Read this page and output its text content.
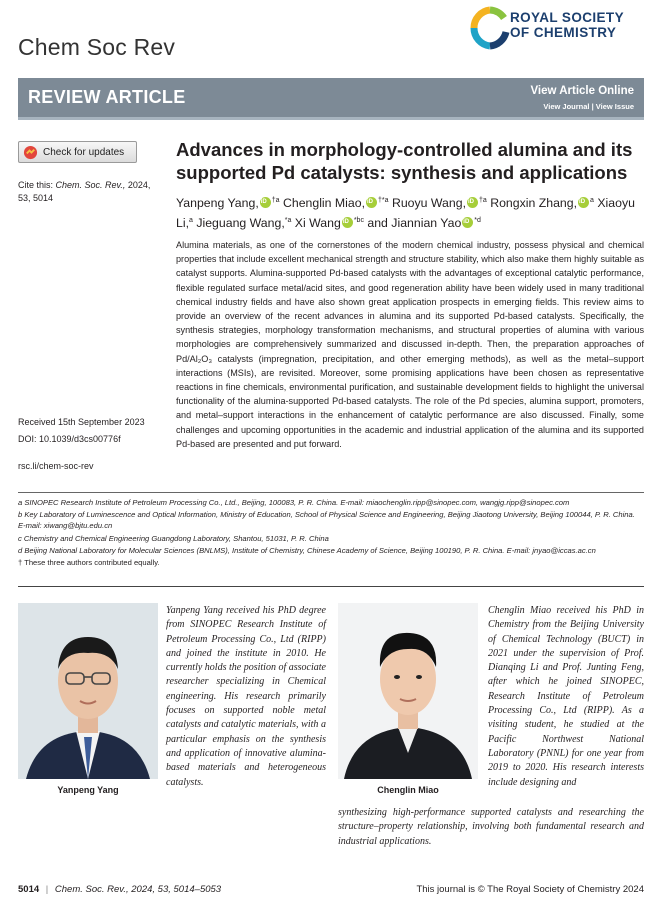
Chem Soc Rev
ROYAL SOCIETY
OF CHEMISTRY
REVIEW ARTICLE	View Article Online
View Journal | View Issue
Check for updates
Cite this: Chem. Soc. Rev., 2024, 53, 5014
Received 15th September 2023
DOI: 10.1039/d3cs00776f
rsc.li/chem-soc-rev
Advances in morphology-controlled alumina and its supported Pd catalysts: synthesis and applications
Yanpeng Yang, iD $^{\dagger a}$ Chenglin Miao, iD $^{\dagger*a}$ Ruoyu Wang, iD $^{\dagger a}$ Rongxin Zhang, iD $^a$ Xiaoyu Li,$^a$ Jieguang Wang,$^{*a}$ Xi Wang iD $^{*bc}$ and Jiannian Yao iD $^{*d}$
Alumina materials, as one of the cornerstones of the modern chemical industry, possess physical and chemical properties that include excellent mechanical strength and structure stability, which also make them highly suitable as catalyst supports. Alumina-supported Pd-based catalysts with the advantages of exceptional catalytic performance, flexible regulated surface metal/acid sites, and good regeneration ability have been widely used in many traditional chemical industry fields and have also shown great application prospects in emerging fields. This review aims to provide an overview of the recent advances in alumina and its supported Pd-based catalysts. Specifically, the synthesis strategies, morphology transformation mechanisms, and structural properties of alumina with various morphologies are comprehensively summarized and discussed in-depth. Then, the preparation approaches of Pd/Al₂O₃ catalysts (impregnation, precipitation, and other emerging methods), as well as the metal–support interactions (MSIs), are revisited. Moreover, some promising applications have been chosen as representative reactions in fine chemicals, environmental purification, and sustainable development fields to highlight the universal functionality of the alumina-supported Pd-based catalysts. The role of the Pd species, alumina support, promoters, and metal–support interactions in the enhancement of catalytic performance are also discussed. Finally, some challenges and upcoming opportunities in the academic and industrial application of the alumina and its supported Pd-based are presented and put forward.
a SINOPEC Research Institute of Petroleum Processing Co., Ltd., Beijing, 100083, P. R. China. E-mail: miaochenglin.ripp@sinopec.com, wangjg.ripp@sinopec.com
b Key Laboratory of Luminescence and Optical Information, Ministry of Education, School of Physical Science and Engineering, Beijing Jiaotong University, Beijing 100044, P. R. China. E-mail: xiwang@bjtu.edu.cn
c Chemistry and Chemical Engineering Guangdong Laboratory, Shantou, 51031, P. R. China
d Beijing National Laboratory for Molecular Sciences (BNLMS), Institute of Chemistry, Chinese Academy of Science, Beijing 100190, P. R. China. E-mail: jnyao@iccas.ac.cn
† These three authors contributed equally.
Yanpeng Yang
Yanpeng Yang received his PhD degree from SINOPEC Research Institute of Petroleum Processing Co., Ltd (RIPP) and joined the institute in 2010. He currently holds the position of associate researcher specializing in Chemical engineering. His research primarily focuses on supported noble metal catalysts and catalytic materials, with a particular emphasis on the synthesis and application of innovative alumina-based materials and heterogeneous catalysts.
Chenglin Miao
Chenglin Miao received his PhD in Chemistry from the Beijing University of Chemical Technology (BUCT) in 2021 under the supervision of Prof. Dianqing Li and Prof. Junting Feng, after which he joined SINOPEC, Research Institute of Petroleum Processing Co., Ltd (RIPP). As a visiting student, he studied at the Pacific Northwest National Laboratory (PNNL) for one year from 2019 to 2020. His research interests include designing and
synthesizing high-performance supported catalysts and researching the structure–property relationship, involving both fundamental research and industrial applications.
5014 | Chem. Soc. Rev., 2024, 53, 5014–5053	This journal is © The Royal Society of Chemistry 2024
